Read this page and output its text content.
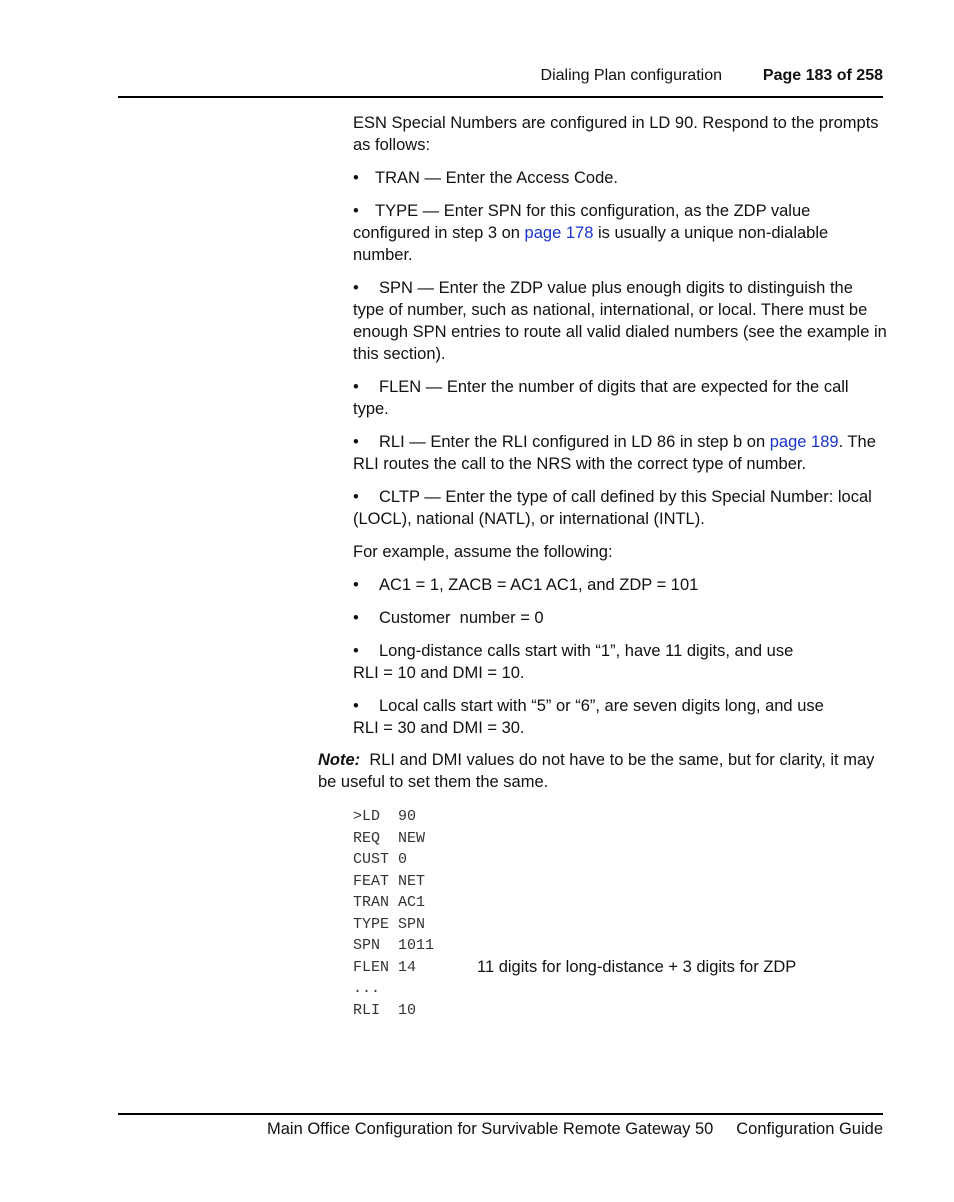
Dialing Plan configuration	Page 183 of 258

ESN Special Numbers are configured in LD 90. Respond to the prompts as follows:

• TRAN — Enter the Access Code.
• TYPE — Enter SPN for this configuration, as the ZDP value configured in step 3 on page 178 is usually a unique non-dialable number.
• SPN — Enter the ZDP value plus enough digits to distinguish the type of number, such as national, international, or local. There must be enough SPN entries to route all valid dialed numbers (see the example in this section).
• FLEN — Enter the number of digits that are expected for the call type.
• RLI — Enter the RLI configured in LD 86 in step b on page 189. The RLI routes the call to the NRS with the correct type of number.
• CLTP — Enter the type of call defined by this Special Number: local (LOCL), national (NATL), or international (INTL).

For example, assume the following:

• AC1 = 1, ZACB = AC1 AC1, and ZDP = 101
• Customer  number = 0
• Long-distance calls start with “1”, have 11 digits, and use
RLI = 10 and DMI = 10.
• Local calls start with “5” or “6”, are seven digits long, and use
RLI = 30 and DMI = 30.
Note: RLI and DMI values do not have to be the same, but for clarity, it may be useful to set them the same.
>LD  90
REQ  NEW
CUST 0
FEAT NET
TRAN AC1
TYPE SPN
SPN  1011
FLEN 14	11 digits for long-distance + 3 digits for ZDP
...
RLI  10
Main Office Configuration for Survivable Remote Gateway 50     Configuration Guide
